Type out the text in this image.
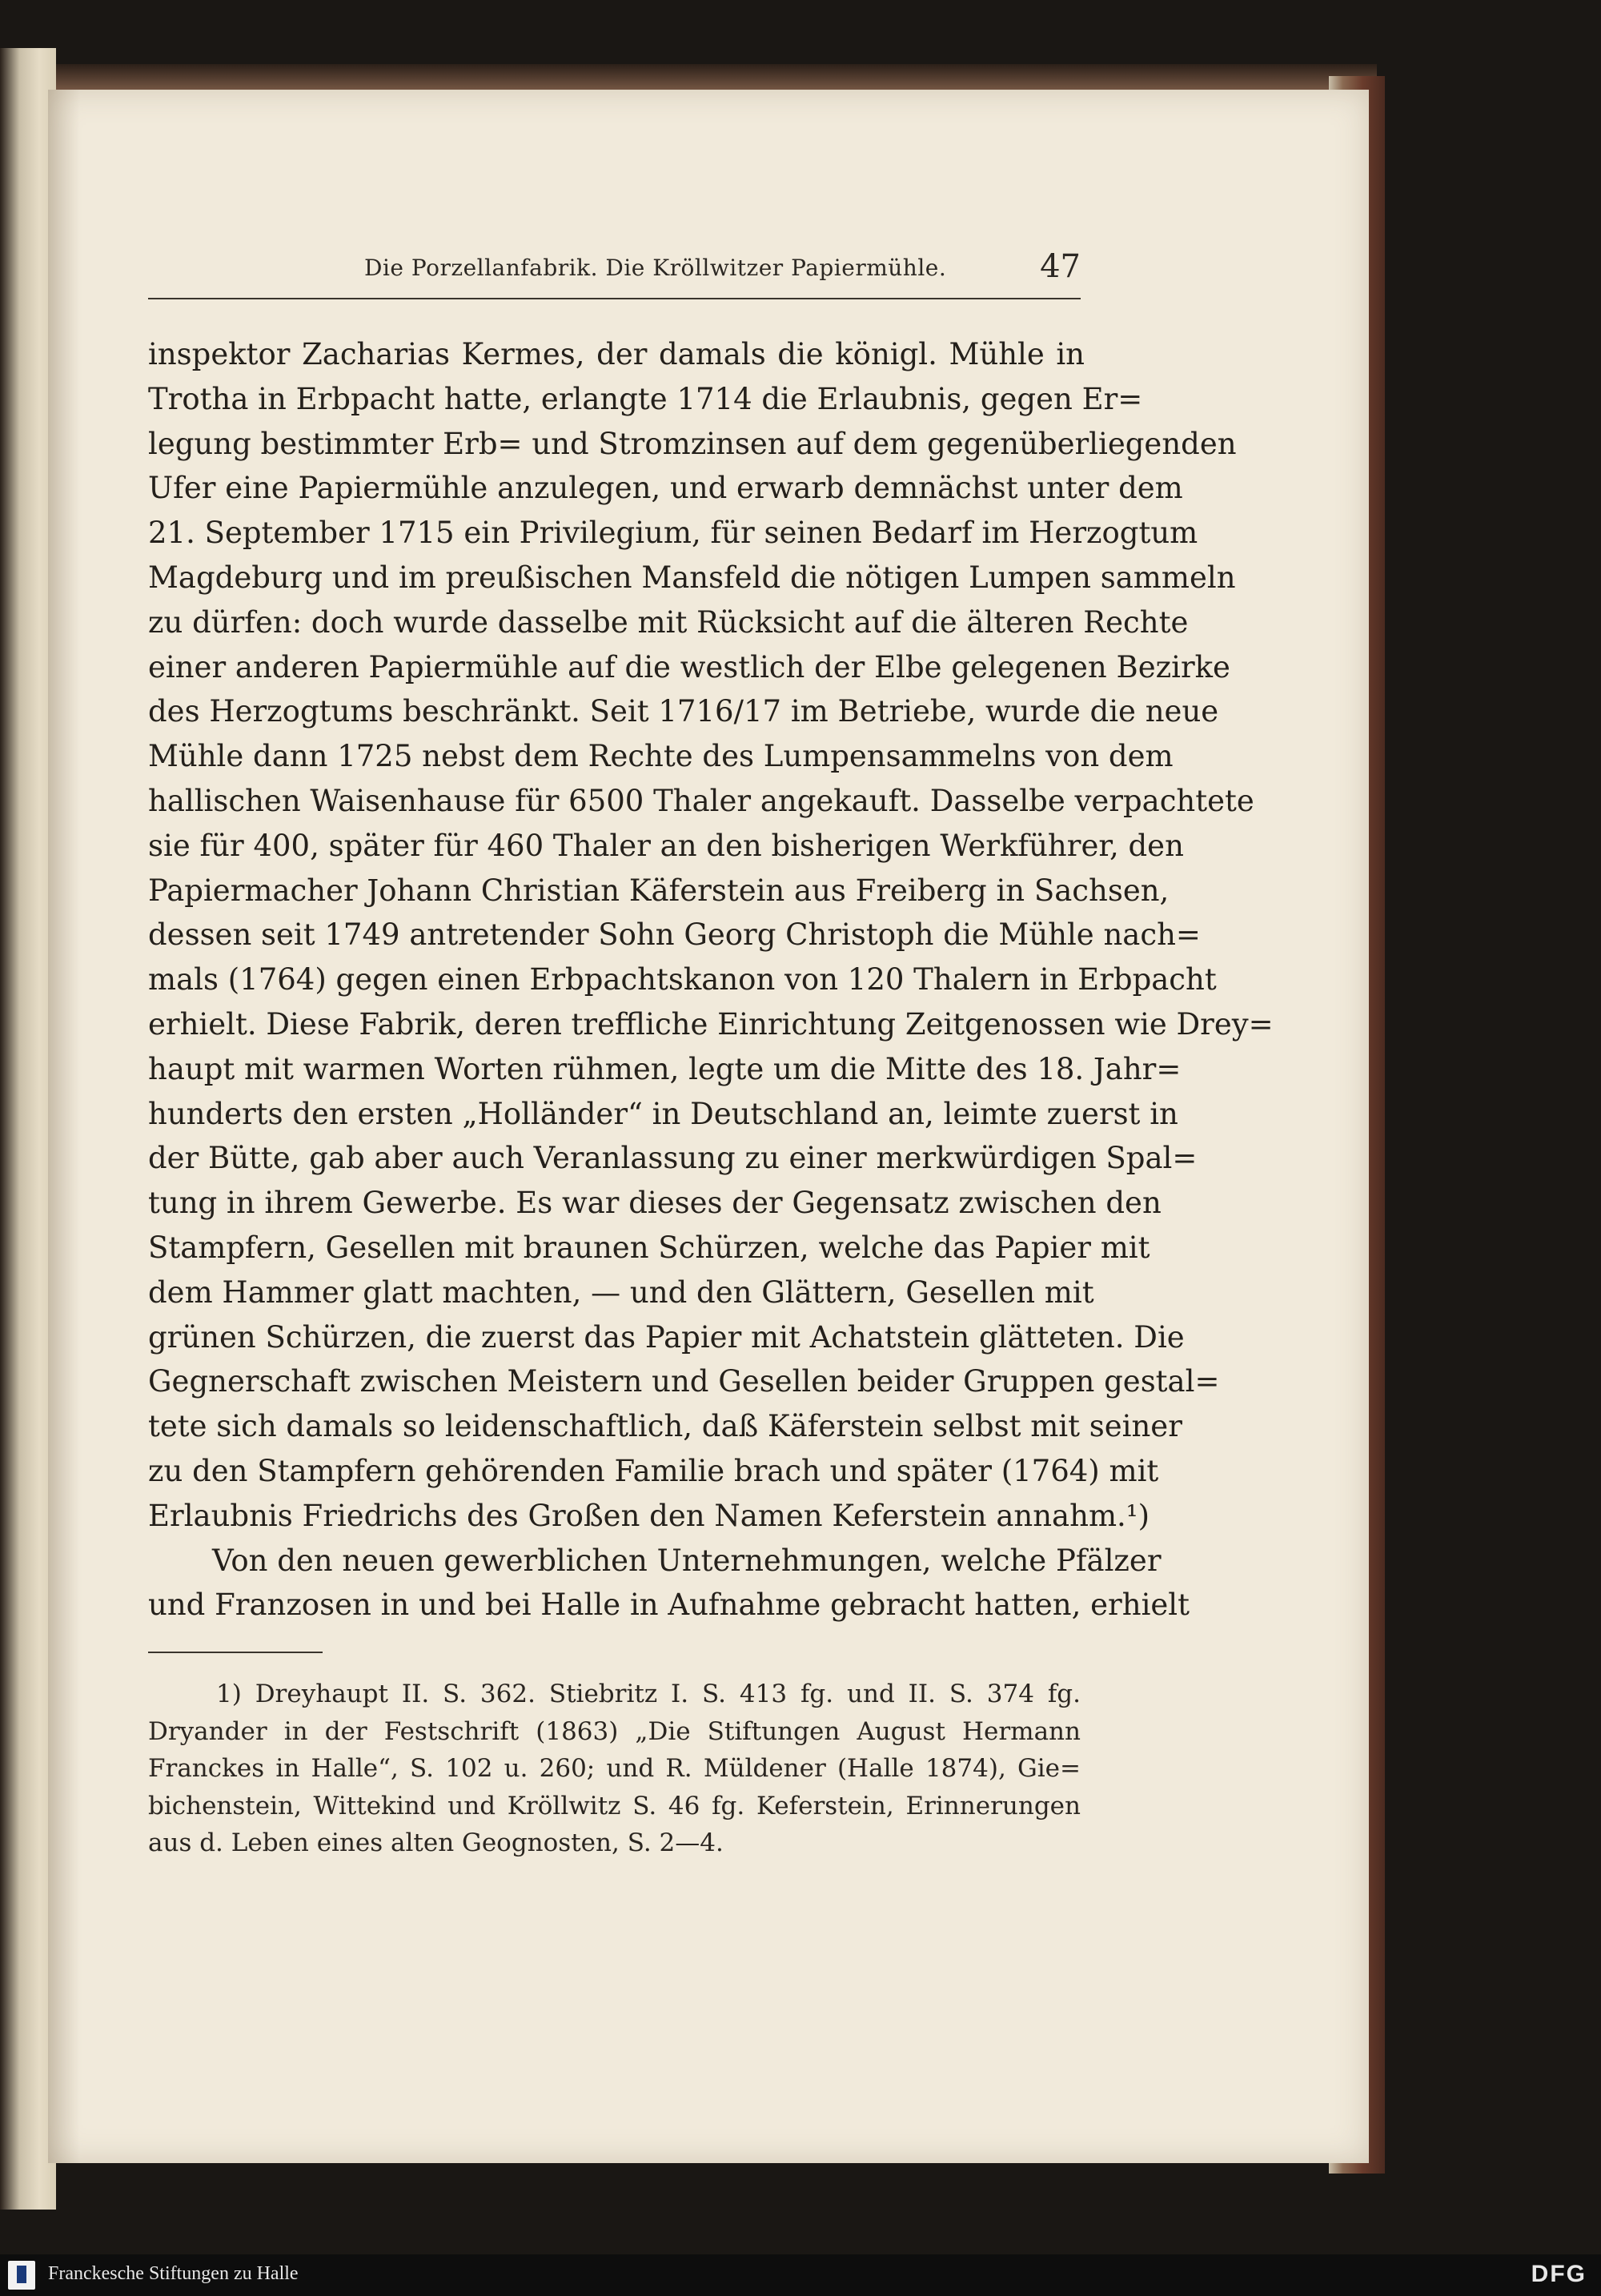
Die Porzellanfabrik. Die Kröllwitzer Papiermühle.	47
inspektor Zacharias Kermes, der damals die königl. Mühle in
Trotha in Erbpacht hatte, erlangte 1714 die Erlaubnis, gegen Er=
legung bestimmter Erb= und Stromzinsen auf dem gegenüberliegenden
Ufer eine Papiermühle anzulegen, und erwarb demnächst unter dem
21. September 1715 ein Privilegium, für seinen Bedarf im Herzogtum
Magdeburg und im preußischen Mansfeld die nötigen Lumpen sammeln
zu dürfen: doch wurde dasselbe mit Rücksicht auf die älteren Rechte
einer anderen Papiermühle auf die westlich der Elbe gelegenen Bezirke
des Herzogtums beschränkt. Seit 1716/17 im Betriebe, wurde die neue
Mühle dann 1725 nebst dem Rechte des Lumpensammelns von dem
hallischen Waisenhause für 6500 Thaler angekauft. Dasselbe verpachtete
sie für 400, später für 460 Thaler an den bisherigen Werkführer, den
Papiermacher Johann Christian Käferstein aus Freiberg in Sachsen,
dessen seit 1749 antretender Sohn Georg Christoph die Mühle nach=
mals (1764) gegen einen Erbpachtskanon von 120 Thalern in Erbpacht
erhielt. Diese Fabrik, deren treffliche Einrichtung Zeitgenossen wie Drey=
haupt mit warmen Worten rühmen, legte um die Mitte des 18. Jahr=
hunderts den ersten „Holländer“ in Deutschland an, leimte zuerst in
der Bütte, gab aber auch Veranlassung zu einer merkwürdigen Spal=
tung in ihrem Gewerbe. Es war dieses der Gegensatz zwischen den
Stampfern, Gesellen mit braunen Schürzen, welche das Papier mit
dem Hammer glatt machten, — und den Glättern, Gesellen mit
grünen Schürzen, die zuerst das Papier mit Achatstein glätteten. Die
Gegnerschaft zwischen Meistern und Gesellen beider Gruppen gestal=
tete sich damals so leidenschaftlich, daß Käferstein selbst mit seiner
zu den Stampfern gehörenden Familie brach und später (1764) mit
Erlaubnis Friedrichs des Großen den Namen Keferstein annahm.¹)
Von den neuen gewerblichen Unternehmungen, welche Pfälzer
und Franzosen in und bei Halle in Aufnahme gebracht hatten, erhielt
1) Dreyhaupt II. S. 362. Stiebritz I. S. 413 fg. und II. S. 374 fg.
Dryander in der Festschrift (1863) „Die Stiftungen August Hermann
Franckes in Halle“, S. 102 u. 260; und R. Müldener (Halle 1874), Gie=
bichenstein, Wittekind und Kröllwitz S. 46 fg. Keferstein, Erinnerungen
aus d. Leben eines alten Geognosten, S. 2—4.
Franckesche Stiftungen zu Halle	DFG
